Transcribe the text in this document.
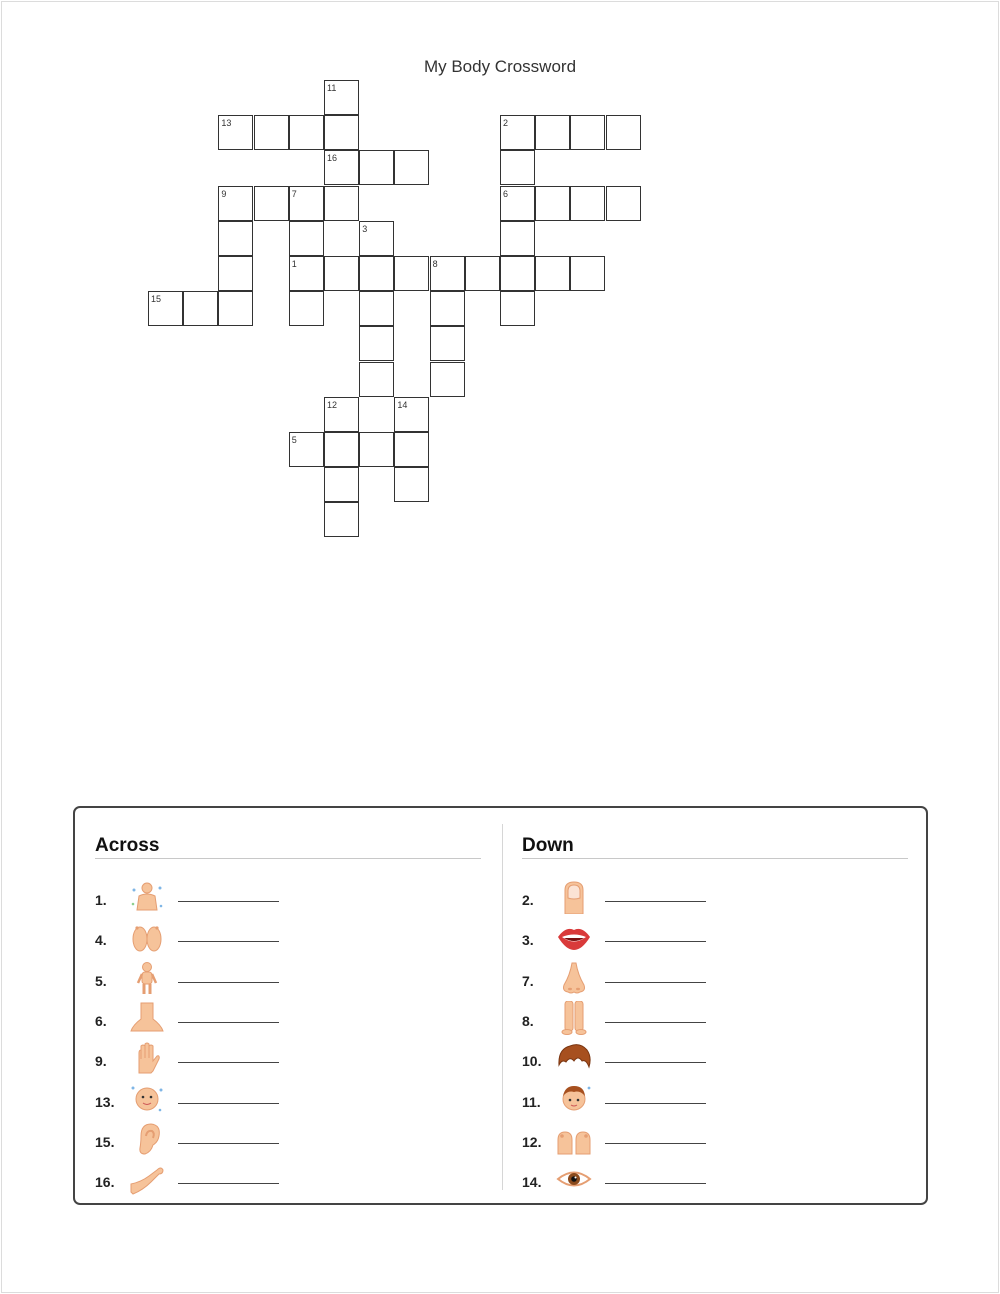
My Body Crossword
11
13	2
16
9	7	6
3
1	8
15
12	14
5
Across
1.
4.
5.
6.
9.
13.
15.
16.
Down
2.
3.
7.
8.
10.
11.
12.
14.
